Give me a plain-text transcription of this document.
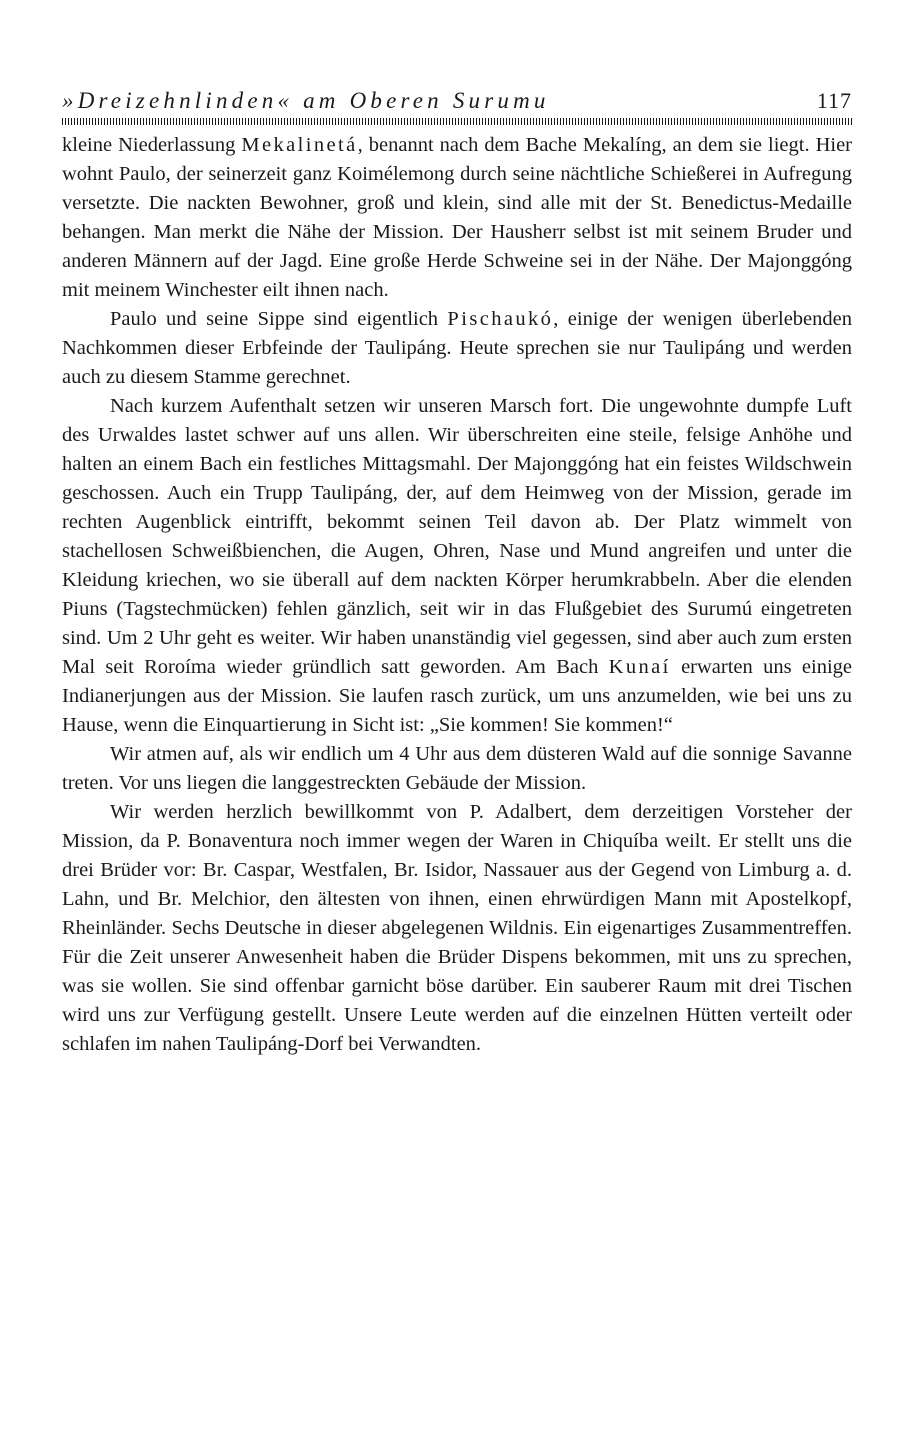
»Dreizehnlinden« am Oberen Surumu	117

kleine Niederlassung Mekalinetá, benannt nach dem Bache Mekalíng, an dem sie liegt. Hier wohnt Paulo, der seinerzeit ganz Koimélemong durch seine nächtliche Schießerei in Aufregung versetzte. Die nackten Bewohner, groß und klein, sind alle mit der St. Benedictus-Medaille behangen. Man merkt die Nähe der Mission. Der Hausherr selbst ist mit seinem Bruder und anderen Männern auf der Jagd. Eine große Herde Schweine sei in der Nähe. Der Majonggóng mit meinem Winchester eilt ihnen nach.

Paulo und seine Sippe sind eigentlich Pischaukó, einige der wenigen überlebenden Nachkommen dieser Erbfeinde der Taulipáng. Heute sprechen sie nur Taulipáng und werden auch zu diesem Stamme gerechnet.

Nach kurzem Aufenthalt setzen wir unseren Marsch fort. Die ungewohnte dumpfe Luft des Urwaldes lastet schwer auf uns allen. Wir überschreiten eine steile, felsige Anhöhe und halten an einem Bach ein festliches Mittagsmahl. Der Majonggóng hat ein feistes Wildschwein geschossen. Auch ein Trupp Taulipáng, der, auf dem Heimweg von der Mission, gerade im rechten Augenblick eintrifft, bekommt seinen Teil davon ab. Der Platz wimmelt von stachellosen Schweißbienchen, die Augen, Ohren, Nase und Mund angreifen und unter die Kleidung kriechen, wo sie überall auf dem nackten Körper herumkrabbeln. Aber die elenden Piuns (Tagstechmücken) fehlen gänzlich, seit wir in das Flußgebiet des Surumú eingetreten sind. Um 2 Uhr geht es weiter. Wir haben unanständig viel gegessen, sind aber auch zum ersten Mal seit Roroíma wieder gründlich satt geworden. Am Bach Kunaí erwarten uns einige Indianerjungen aus der Mission. Sie laufen rasch zurück, um uns anzumelden, wie bei uns zu Hause, wenn die Einquartierung in Sicht ist: „Sie kommen! Sie kommen!“

Wir atmen auf, als wir endlich um 4 Uhr aus dem düsteren Wald auf die sonnige Savanne treten. Vor uns liegen die langgestreckten Gebäude der Mission.

Wir werden herzlich bewillkommt von P. Adalbert, dem derzeitigen Vorsteher der Mission, da P. Bonaventura noch immer wegen der Waren in Chiquíba weilt. Er stellt uns die drei Brüder vor: Br. Caspar, Westfalen, Br. Isidor, Nassauer aus der Gegend von Limburg a. d. Lahn, und Br. Melchior, den ältesten von ihnen, einen ehrwürdigen Mann mit Apostelkopf, Rheinländer. Sechs Deutsche in dieser abgelegenen Wildnis. Ein eigenartiges Zusammentreffen. Für die Zeit unserer Anwesenheit haben die Brüder Dispens bekommen, mit uns zu sprechen, was sie wollen. Sie sind offenbar garnicht böse darüber. Ein sauberer Raum mit drei Tischen wird uns zur Verfügung gestellt. Unsere Leute werden auf die einzelnen Hütten verteilt oder schlafen im nahen Taulipáng-Dorf bei Verwandten.
